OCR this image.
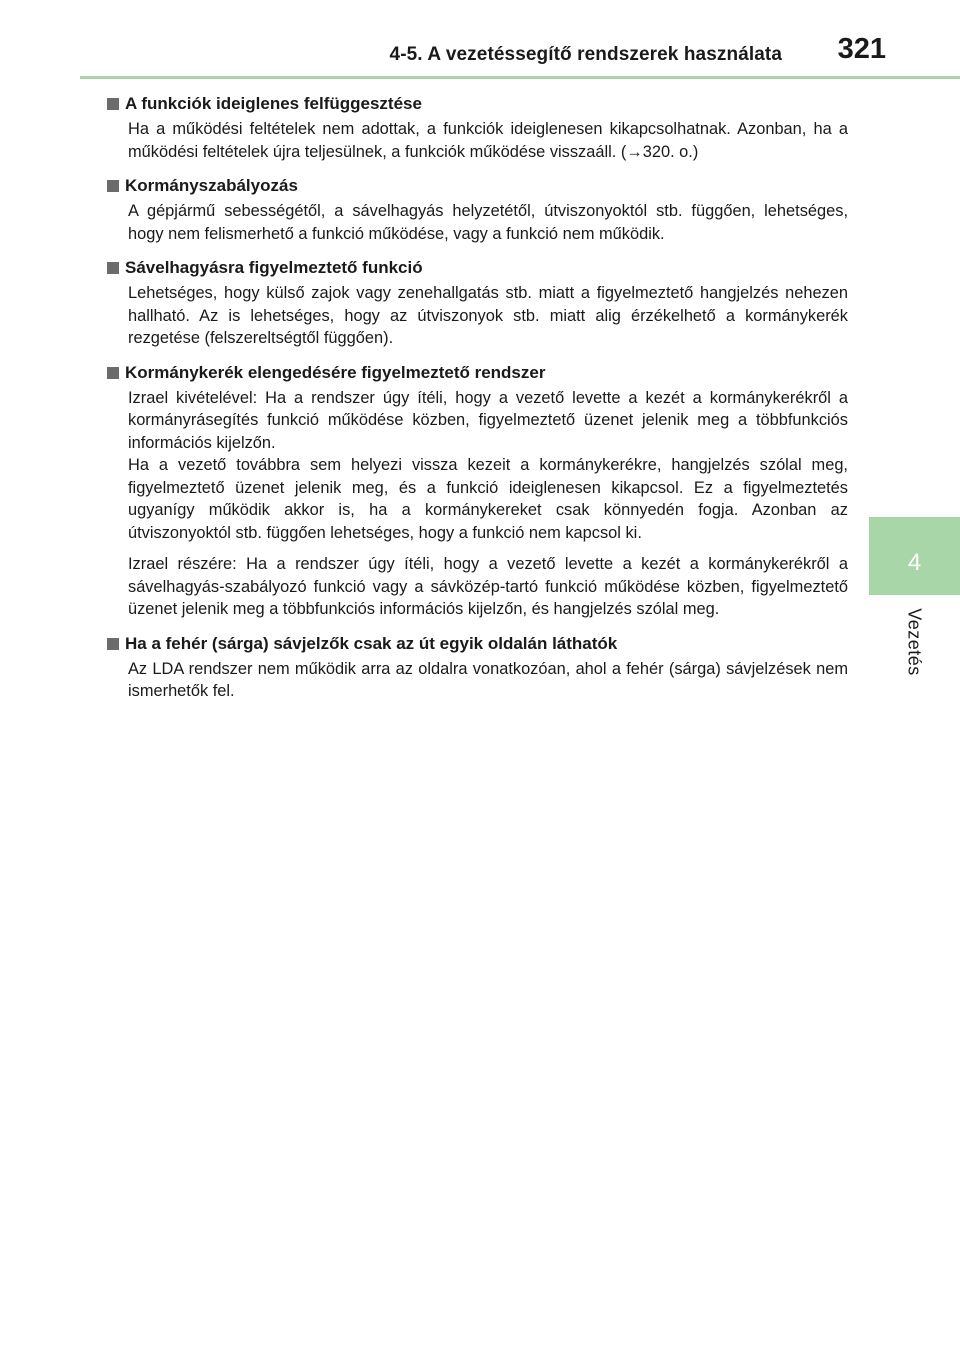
4-5. A vezetéssegítő rendszerek használata 321
4
Vezetés
A funkciók ideiglenes felfüggesztése

Ha a működési feltételek nem adottak, a funkciók ideiglenesen kikapcsolhatnak. Azonban, ha a működési feltételek újra teljesülnek, a funkciók működése visszaáll. (→320. o.)

Kormányszabályozás

A gépjármű sebességétől, a sávelhagyás helyzetétől, útviszonyoktól stb. függően, lehetséges, hogy nem felismerhető a funkció működése, vagy a funkció nem működik.

Sávelhagyásra figyelmeztető funkció

Lehetséges, hogy külső zajok vagy zenehallgatás stb. miatt a figyelmeztető hangjelzés nehezen hallható. Az is lehetséges, hogy az útviszonyok stb. miatt alig érzékelhető a kormánykerék rezgetése (felszereltségtől függően).

Kormánykerék elengedésére figyelmeztető rendszer

Izrael kivételével: Ha a rendszer úgy ítéli, hogy a vezető levette a kezét a kormánykerékről a kormányrásegítés funkció működése közben, figyelmeztető üzenet jelenik meg a többfunkciós információs kijelzőn.

Ha a vezető továbbra sem helyezi vissza kezeit a kormánykerékre, hangjelzés szólal meg, figyelmeztető üzenet jelenik meg, és a funkció ideiglenesen kikapcsol. Ez a figyelmeztetés ugyanígy működik akkor is, ha a kormánykereket csak könnyedén fogja. Azonban az útviszonyoktól stb. függően lehetséges, hogy a funkció nem kapcsol ki.

Izrael részére: Ha a rendszer úgy ítéli, hogy a vezető levette a kezét a kormánykerékről a sávelhagyás-szabályozó funkció vagy a sávközép-tartó funkció működése közben, figyelmeztető üzenet jelenik meg a többfunkciós információs kijelzőn, és hangjelzés szólal meg.

Ha a fehér (sárga) sávjelzők csak az út egyik oldalán láthatók

Az LDA rendszer nem működik arra az oldalra vonatkozóan, ahol a fehér (sárga) sávjelzések nem ismerhetők fel.
